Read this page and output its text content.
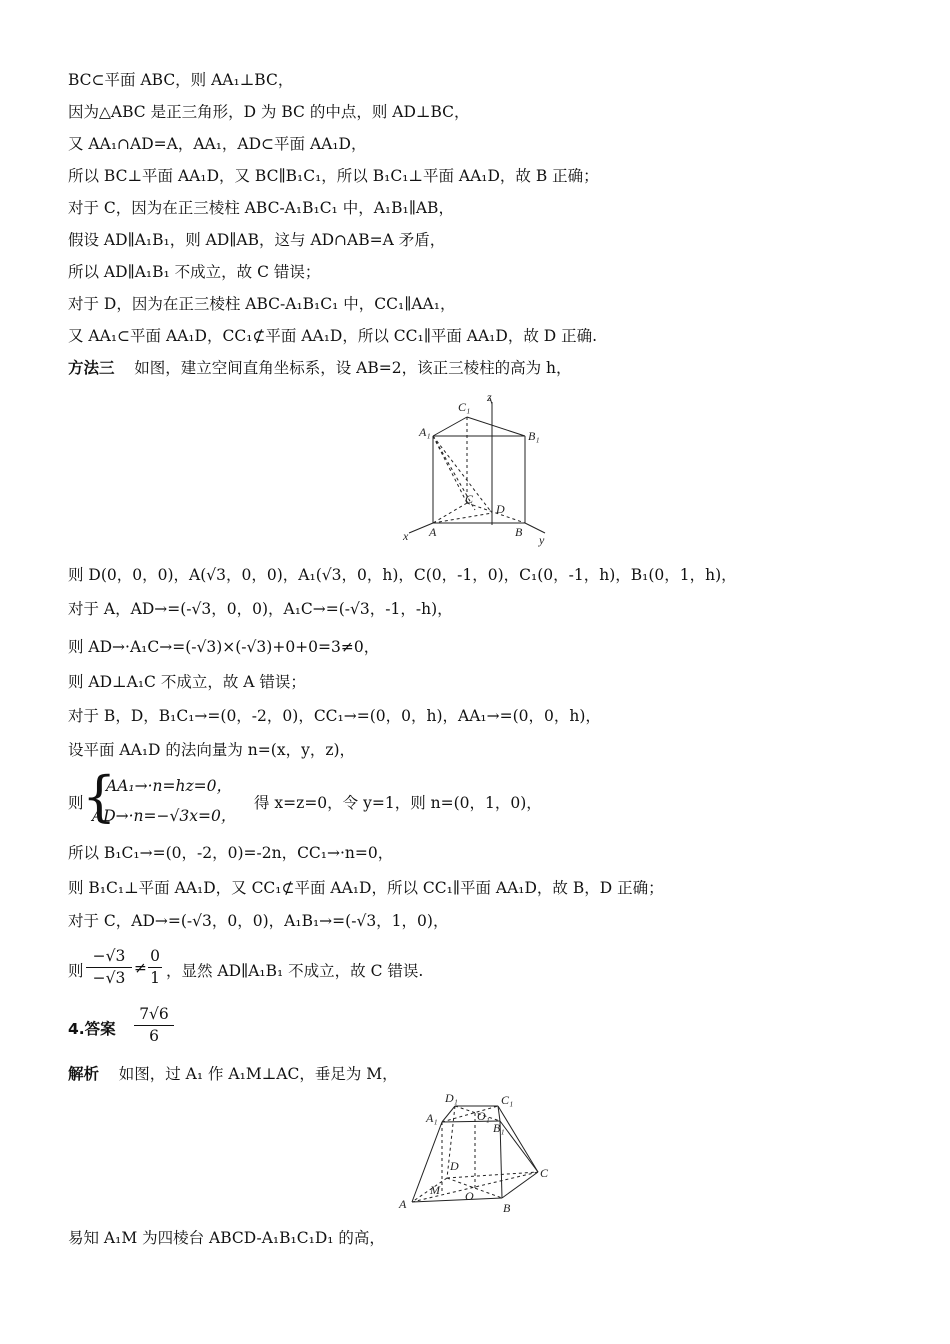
BC⊂平面 ABC，则 AA₁⊥BC，
因为△ABC 是正三角形，D 为 BC 的中点，则 AD⊥BC，
又 AA₁∩AD=A，AA₁，AD⊂平面 AA₁D，
所以 BC⊥平面 AA₁D，又 BC∥B₁C₁，所以 B₁C₁⊥平面 AA₁D，故 B 正确；
对于 C，因为在正三棱柱 ABC-A₁B₁C₁ 中，A₁B₁∥AB，
假设 AD∥A₁B₁，则 AD∥AB，这与 AD∩AB=A 矛盾，
所以 AD∥A₁B₁ 不成立，故 C 错误；
对于 D，因为在正三棱柱 ABC-A₁B₁C₁ 中，CC₁∥AA₁，
又 AA₁⊂平面 AA₁D，CC₁⊄平面 AA₁D，所以 CC₁∥平面 AA₁D，故 D 正确.
方法三 如图，建立空间直角坐标系，设 AB=2，该正三棱柱的高为 h，
z
C₁
A₁	B₁
C
D
x A	B
y
则 D(0，0，0)，A(√3，0，0)，A₁(√3，0，h)，C(0，-1，0)，C₁(0，-1，h)，B₁(0，1，h)，
对于 A，AD→=(-√3，0，0)，A₁C→=(-√3，-1，-h)，
则 AD→·A₁C→=(-√3)×(-√3)+0+0=3≠0，
则 AD⊥A₁C 不成立，故 A 错误；
对于 B，D，B₁C₁→=(0，-2，0)，CC₁→=(0，0，h)，AA₁→=(0，0，h)，
设平面 AA₁D 的法向量为 n=(x，y，z)，
则
{
AA₁→·n=hz=0，
AD→·n=−√3x=0，
得 x=z=0，令 y=1，则 n=(0，1，0)，
所以 B₁C₁→=(0，-2，0)=-2n，CC₁→·n=0，
则 B₁C₁⊥平面 AA₁D，又 CC₁⊄平面 AA₁D，所以 CC₁∥平面 AA₁D，故 B，D 正确；
对于 C，AD→=(-√3，0，0)，A₁B₁→=(-√3，1，0)，
则 $\frac{-√3}{-√3} \ne \frac{0}{1}$ ，显然 AD∥A₁B₁ 不成立，故 C 错误.
4.答案 $\frac{7√6}{6}$
解析 如图，过 A₁ 作 A₁M⊥AC，垂足为 M，
D₁	C₁
A₁	O₁
B₁
D	C
M
A
O
B
易知 A₁M 为四棱台 ABCD-A₁B₁C₁D₁ 的高，
